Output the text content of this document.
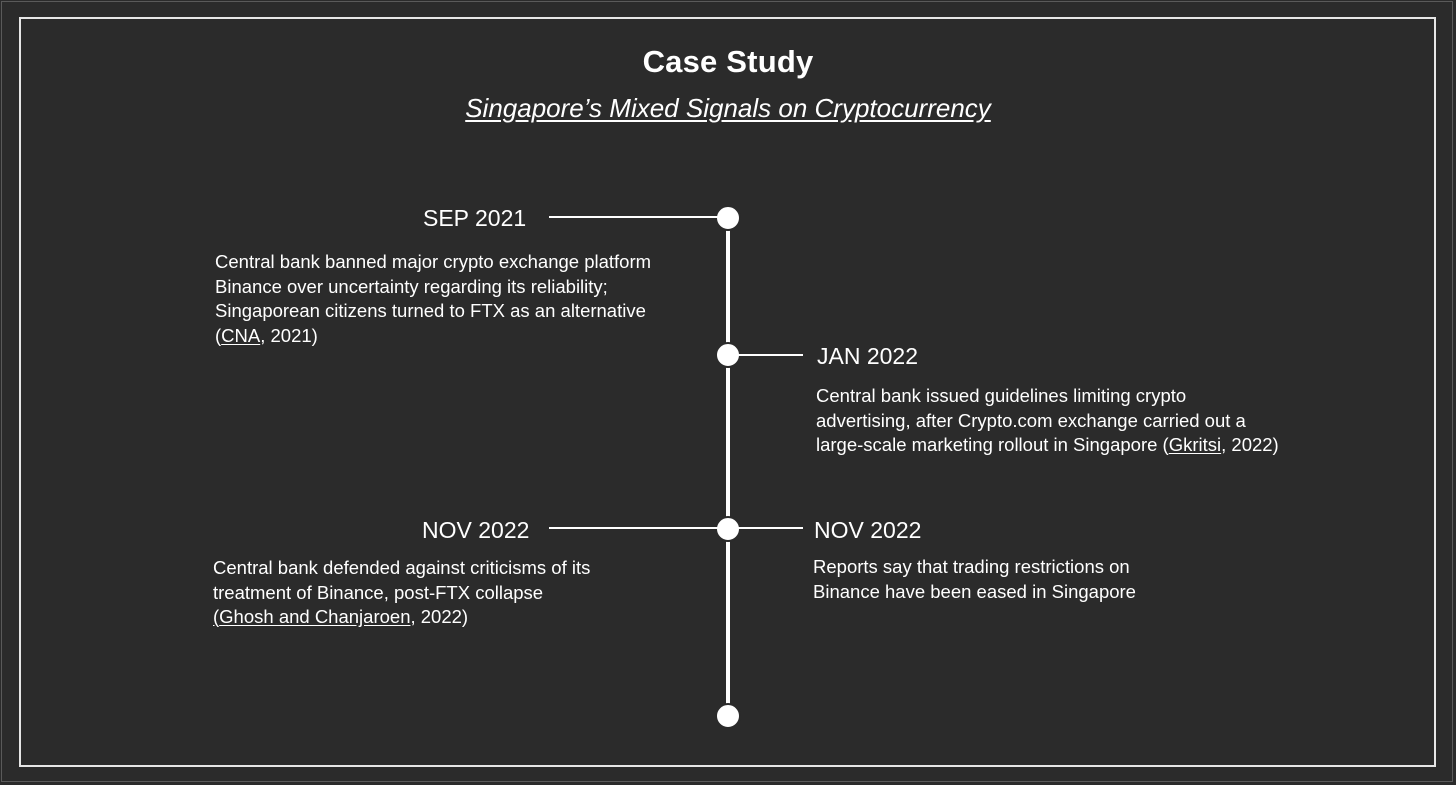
Case Study
Singapore’s Mixed Signals on Cryptocurrency
SEP 2021
Central bank banned major crypto exchange platform
Binance over uncertainty regarding its reliability;
Singaporean citizens turned to FTX as an alternative
(CNA, 2021)
JAN 2022
Central bank issued guidelines limiting crypto
advertising, after Crypto.com exchange carried out a
large-scale marketing rollout in Singapore (Gkritsi, 2022)
NOV 2022
Central bank defended against criticisms of its
treatment of Binance, post-FTX collapse
(Ghosh and Chanjaroen, 2022)
NOV 2022
Reports say that trading restrictions on
Binance have been eased in Singapore
